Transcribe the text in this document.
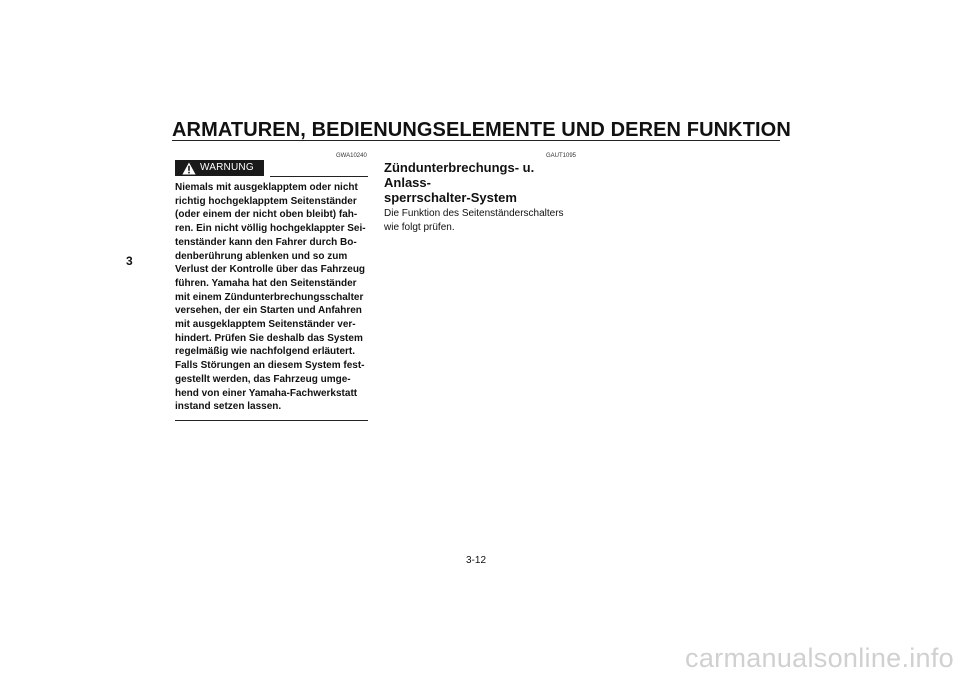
ARMATUREN, BEDIENUNGSELEMENTE UND DEREN FUNKTION
3
GWA10240	GAUT1095
WARNUNG

Niemals mit ausgeklapptem oder nicht
richtig hochgeklapptem Seitenständer
(oder einem der nicht oben bleibt) fah-
ren. Ein nicht völlig hochgeklappter Sei-
tenständer kann den Fahrer durch Bo-
denberührung ablenken und so zum
Verlust der Kontrolle über das Fahrzeug
führen. Yamaha hat den Seitenständer
mit einem Zündunterbrechungsschalter
versehen, der ein Starten und Anfahren
mit ausgeklapptem Seitenständer ver-
hindert. Prüfen Sie deshalb das System
regelmäßig wie nachfolgend erläutert.
Falls Störungen an diesem System fest-
gestellt werden, das Fahrzeug umge-
hend von einer Yamaha-Fachwerkstatt
instand setzen lassen.

Zündunterbrechungs- u. Anlass-
sperrschalter-System

Die Funktion des Seitenständerschalters
wie folgt prüfen.

3-12
carmanualsonline.info
